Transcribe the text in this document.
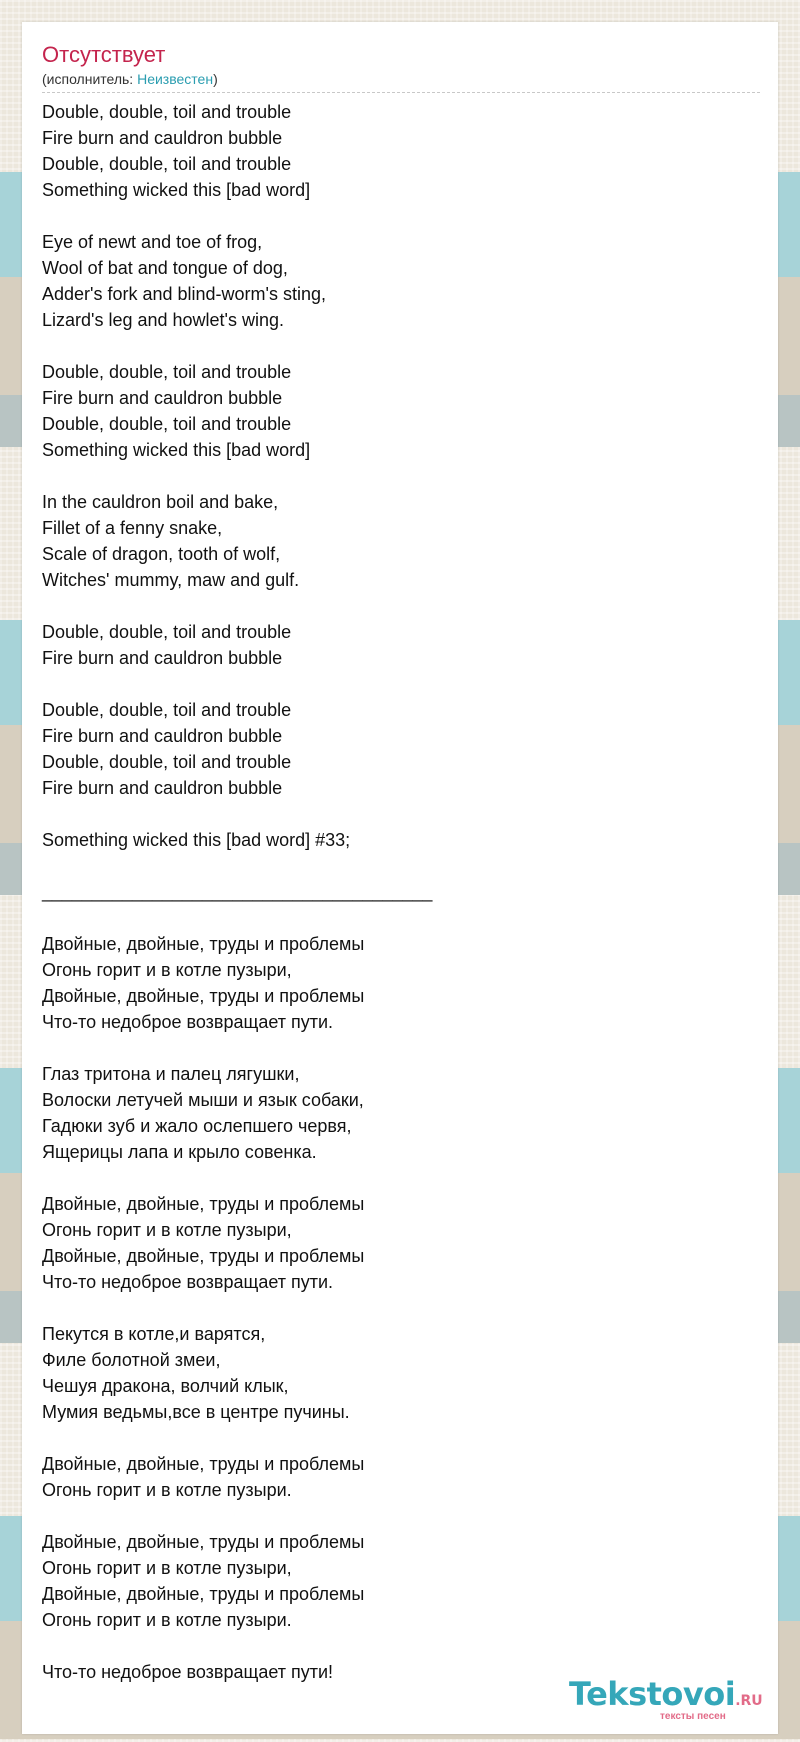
Отсутствует
(исполнитель: Неизвестен)
Double, double, toil and trouble
Fire burn and cauldron bubble
Double, double, toil and trouble
Something wicked this [bad word]
Eye of newt and toe of frog,
Wool of bat and tongue of dog,
Adder's fork and blind-worm's sting,
Lizard's leg and howlet's wing.
Double, double, toil and trouble
Fire burn and cauldron bubble
Double, double, toil and trouble
Something wicked this [bad word]
In the cauldron boil and bake,
Fillet of a fenny snake,
Scale of dragon, tooth of wolf,
Witches' mummy, maw and gulf.
Double, double, toil and trouble
Fire burn and cauldron bubble
Double, double, toil and trouble
Fire burn and cauldron bubble
Double, double, toil and trouble
Fire burn and cauldron bubble
Something wicked this [bad word] #33;
_______________________________________
Двойные, двойные, труды и проблемы
Огонь горит и в котле пузыри,
Двойные, двойные, труды и проблемы
Что-то недоброе возвращает пути.
Глаз тритона и палец лягушки,
Волоски летучей мыши и язык собаки,
Гадюки зуб и жало ослепшего червя,
Ящерицы лапа и крыло совенка.
Двойные, двойные, труды и проблемы
Огонь горит и в котле пузыри,
Двойные, двойные, труды и проблемы
Что-то недоброе возвращает пути.
Пекутся в котле,и варятся,
Филе болотной змеи,
Чешуя дракона, волчий клык,
Мумия ведьмы,все в центре пучины.
Двойные, двойные, труды и проблемы
Огонь горит и в котле пузыри.
Двойные, двойные, труды и проблемы
Огонь горит и в котле пузыри,
Двойные, двойные, труды и проблемы
Огонь горит и в котле пузыри.
Что-то недоброе возвращает пути!
Tekstovoi.RU
тексты песен
